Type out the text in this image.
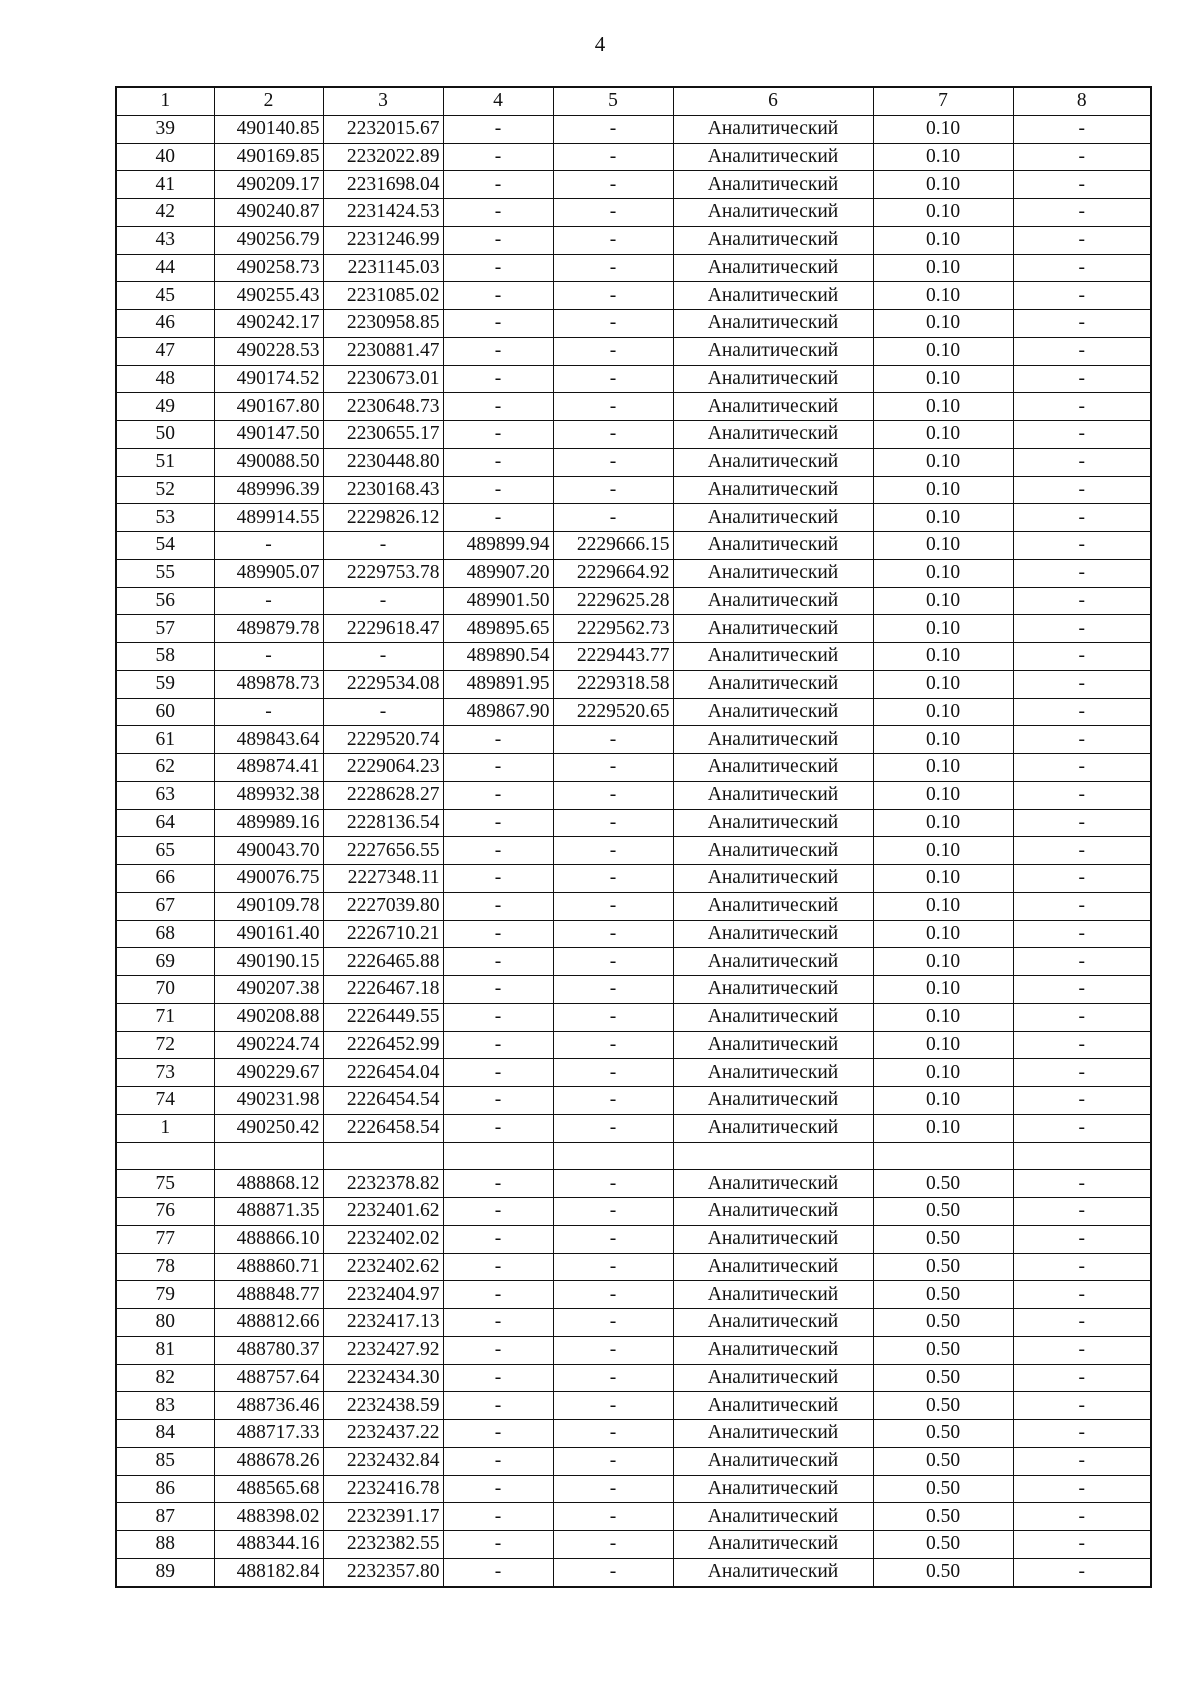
4
1	2	3	4	5	6	7	8
39	490140.85	2232015.67	-	-	Аналитический	0.10	-
40	490169.85	2232022.89	-	-	Аналитический	0.10	-
41	490209.17	2231698.04	-	-	Аналитический	0.10	-
42	490240.87	2231424.53	-	-	Аналитический	0.10	-
43	490256.79	2231246.99	-	-	Аналитический	0.10	-
44	490258.73	2231145.03	-	-	Аналитический	0.10	-
45	490255.43	2231085.02	-	-	Аналитический	0.10	-
46	490242.17	2230958.85	-	-	Аналитический	0.10	-
47	490228.53	2230881.47	-	-	Аналитический	0.10	-
48	490174.52	2230673.01	-	-	Аналитический	0.10	-
49	490167.80	2230648.73	-	-	Аналитический	0.10	-
50	490147.50	2230655.17	-	-	Аналитический	0.10	-
51	490088.50	2230448.80	-	-	Аналитический	0.10	-
52	489996.39	2230168.43	-	-	Аналитический	0.10	-
53	489914.55	2229826.12	-	-	Аналитический	0.10	-
54	-	-	489899.94	2229666.15	Аналитический	0.10	-
55	489905.07	2229753.78	489907.20	2229664.92	Аналитический	0.10	-
56	-	-	489901.50	2229625.28	Аналитический	0.10	-
57	489879.78	2229618.47	489895.65	2229562.73	Аналитический	0.10	-
58	-	-	489890.54	2229443.77	Аналитический	0.10	-
59	489878.73	2229534.08	489891.95	2229318.58	Аналитический	0.10	-
60	-	-	489867.90	2229520.65	Аналитический	0.10	-
61	489843.64	2229520.74	-	-	Аналитический	0.10	-
62	489874.41	2229064.23	-	-	Аналитический	0.10	-
63	489932.38	2228628.27	-	-	Аналитический	0.10	-
64	489989.16	2228136.54	-	-	Аналитический	0.10	-
65	490043.70	2227656.55	-	-	Аналитический	0.10	-
66	490076.75	2227348.11	-	-	Аналитический	0.10	-
67	490109.78	2227039.80	-	-	Аналитический	0.10	-
68	490161.40	2226710.21	-	-	Аналитический	0.10	-
69	490190.15	2226465.88	-	-	Аналитический	0.10	-
70	490207.38	2226467.18	-	-	Аналитический	0.10	-
71	490208.88	2226449.55	-	-	Аналитический	0.10	-
72	490224.74	2226452.99	-	-	Аналитический	0.10	-
73	490229.67	2226454.04	-	-	Аналитический	0.10	-
74	490231.98	2226454.54	-	-	Аналитический	0.10	-
1	490250.42	2226458.54	-	-	Аналитический	0.10	-

75	488868.12	2232378.82	-	-	Аналитический	0.50	-
76	488871.35	2232401.62	-	-	Аналитический	0.50	-
77	488866.10	2232402.02	-	-	Аналитический	0.50	-
78	488860.71	2232402.62	-	-	Аналитический	0.50	-
79	488848.77	2232404.97	-	-	Аналитический	0.50	-
80	488812.66	2232417.13	-	-	Аналитический	0.50	-
81	488780.37	2232427.92	-	-	Аналитический	0.50	-
82	488757.64	2232434.30	-	-	Аналитический	0.50	-
83	488736.46	2232438.59	-	-	Аналитический	0.50	-
84	488717.33	2232437.22	-	-	Аналитический	0.50	-
85	488678.26	2232432.84	-	-	Аналитический	0.50	-
86	488565.68	2232416.78	-	-	Аналитический	0.50	-
87	488398.02	2232391.17	-	-	Аналитический	0.50	-
88	488344.16	2232382.55	-	-	Аналитический	0.50	-
89	488182.84	2232357.80	-	-	Аналитический	0.50	-
